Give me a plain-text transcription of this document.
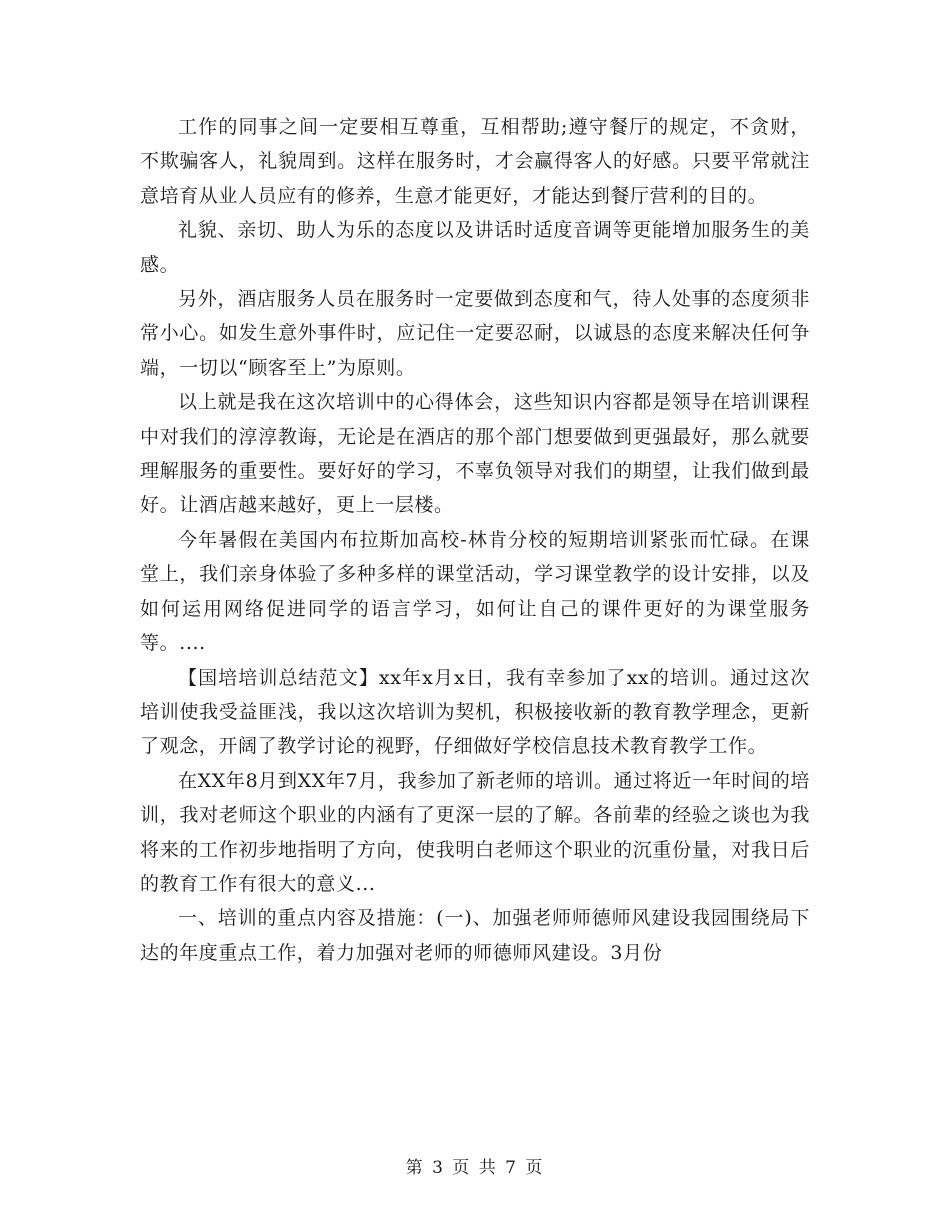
工作的同事之间一定要相互尊重，互相帮助;遵守餐厅的规定，不贪财，不欺骗客人，礼貌周到。这样在服务时，才会赢得客人的好感。只要平常就注意培育从业人员应有的修养，生意才能更好，才能达到餐厅营利的目的。

礼貌、亲切、助人为乐的态度以及讲话时适度音调等更能增加服务生的美感。

另外，酒店服务人员在服务时一定要做到态度和气，待人处事的态度须非常小心。如发生意外事件时，应记住一定要忍耐，以诚恳的态度来解决任何争端，一切以“顾客至上”为原则。

以上就是我在这次培训中的心得体会，这些知识内容都是领导在培训课程中对我们的淳淳教诲，无论是在酒店的那个部门想要做到更强最好，那么就要理解服务的重要性。要好好的学习，不辜负领导对我们的期望，让我们做到最好。让酒店越来越好，更上一层楼。

今年暑假在美国内布拉斯加高校-林肯分校的短期培训紧张而忙碌。在课堂上，我们亲身体验了多种多样的课堂活动，学习课堂教学的设计安排，以及如何运用网络促进同学的语言学习，如何让自己的课件更好的为课堂服务等。....

【国培培训总结范文】xx年x月x日，我有幸参加了xx的培训。通过这次培训使我受益匪浅，我以这次培训为契机，积极接收新的教育教学理念，更新了观念，开阔了教学讨论的视野，仔细做好学校信息技术教育教学工作。

在XX年8月到XX年7月，我参加了新老师的培训。通过将近一年时间的培训，我对老师这个职业的内涵有了更深一层的了解。各前辈的经验之谈也为我将来的工作初步地指明了方向，使我明白老师这个职业的沉重份量，对我日后的教育工作有很大的意义...

一、培训的重点内容及措施：(一)、加强老师师德师风建设我园围绕局下达的年度重点工作，着力加强对老师的师德师风建设。3月份

第 3 页 共 7 页
